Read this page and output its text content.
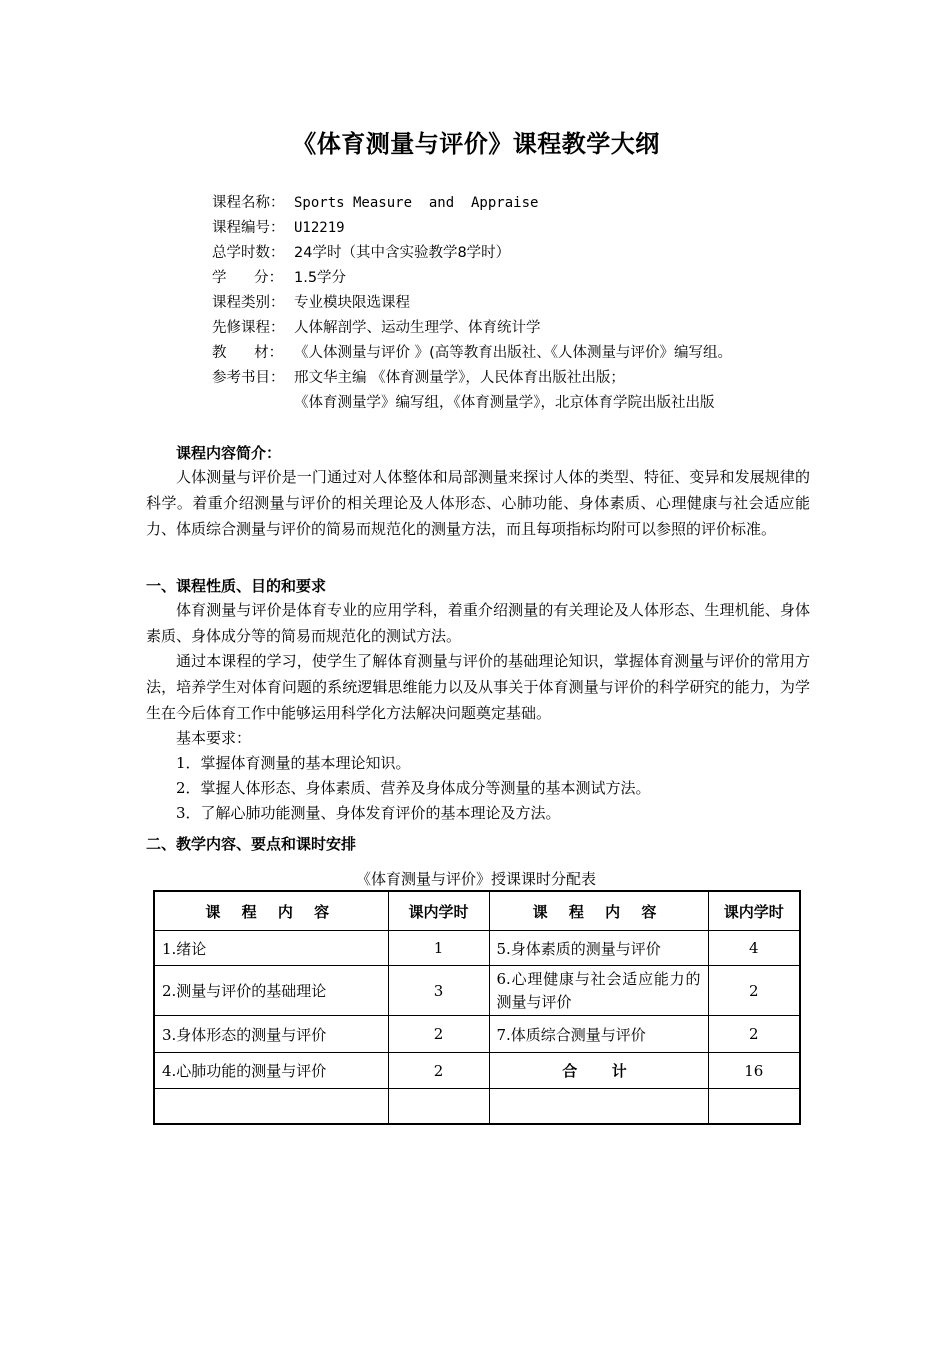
《体育测量与评价》课程教学大纲
课程名称： Sports Measure  and  Appraise
课程编号： U12219
总学时数： 24学时（其中含实验教学8学时）
学      分： 1.5学分
课程类别： 专业模块限选课程
先修课程： 人体解剖学、运动生理学、体育统计学
教      材： 《人体测量与评价 》(高等教育出版社、《人体测量与评价》编写组。
参考书目： 邢文华主编 《体育测量学》，人民体育出版社出版；
《体育测量学》编写组，《体育测量学》，北京体育学院出版社出版
课程内容简介：

人体测量与评价是一门通过对人体整体和局部测量来探讨人体的类型、特征、变异和发展规律的科学。着重介绍测量与评价的相关理论及人体形态、心肺功能、身体素质、心理健康与社会适应能力、体质综合测量与评价的简易而规范化的测量方法，而且每项指标均附可以参照的评价标准。

一、课程性质、目的和要求

体育测量与评价是体育专业的应用学科，着重介绍测量的有关理论及人体形态、生理机能、身体素质、身体成分等的简易而规范化的测试方法。

通过本课程的学习，使学生了解体育测量与评价的基础理论知识，掌握体育测量与评价的常用方法，培养学生对体育问题的系统逻辑思维能力以及从事关于体育测量与评价的科学研究的能力，为学生在今后体育工作中能够运用科学化方法解决问题奠定基础。

基本要求：
1．掌握体育测量的基本理论知识。
2．掌握人体形态、身体素质、营养及身体成分等测量的基本测试方法。
3．了解心肺功能测量、身体发育评价的基本理论及方法。
二、教学内容、要点和课时安排
《体育测量与评价》授课课时分配表
课 程 内 容	课内学时	课 程 内 容	课内学时
1.绪论	1	5.身体素质的测量与评价	4
2.测量与评价的基础理论	3	6.心理健康与社会适应能力的测量与评价	2
3.身体形态的测量与评价	2	7.体质综合测量与评价	2
4.心肺功能的测量与评价	2	合  计	16
